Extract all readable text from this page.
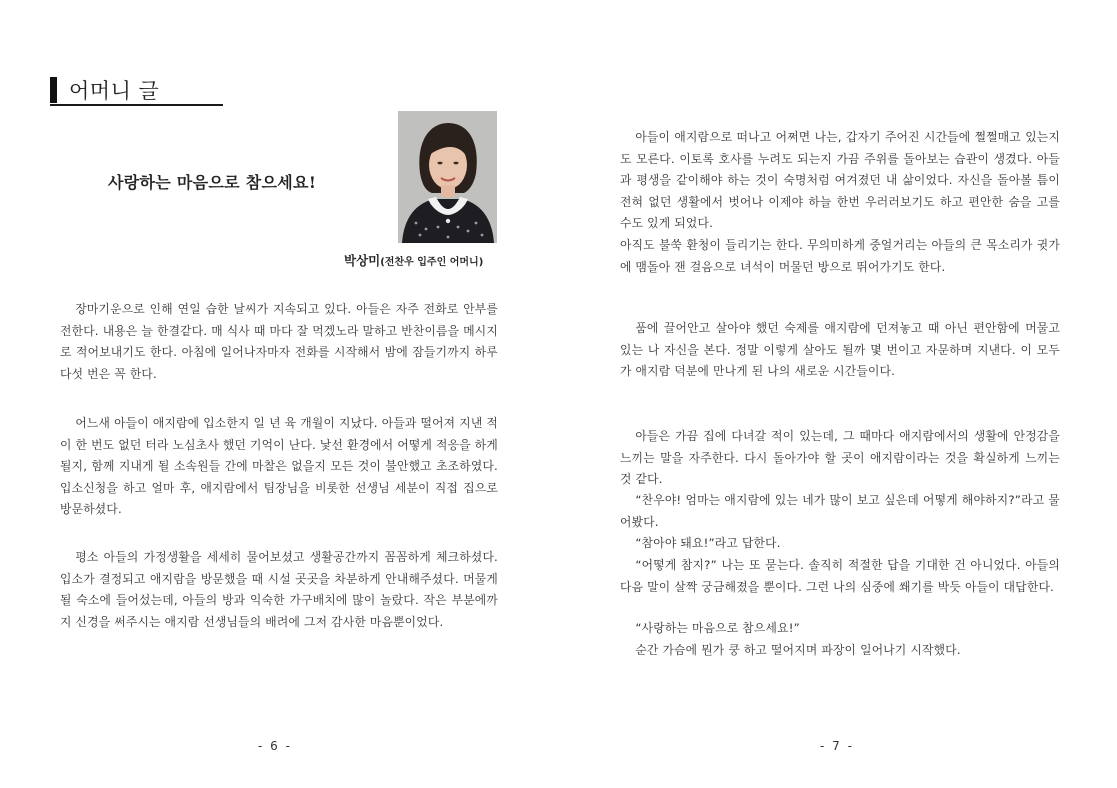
어머니 글
사랑하는 마음으로 참으세요!
박상미(전찬우 입주인 어머니)

장마기운으로 인해 연일 습한 날씨가 지속되고 있다. 아들은 자주 전화로 안부를 전한다. 내용은 늘 한결같다. 매 식사 때 마다 잘 먹겠노라 말하고 반찬이름을 메시지로 적어보내기도 한다. 아침에 일어나자마자 전화를 시작해서 밤에 잠들기까지 하루 다섯 번은 꼭 한다.

어느새 아들이 애지람에 입소한지 일 년 육 개월이 지났다. 아들과 떨어져 지낸 적이 한 번도 없던 터라 노심초사 했던 기억이 난다. 낯선 환경에서 어떻게 적응을 하게 될지, 함께 지내게 될 소속원들 간에 마찰은 없을지 모든 것이 불안했고 초조하였다. 입소신청을 하고 얼마 후, 애지람에서 팀장님을 비롯한 선생님 세분이 직접 집으로 방문하셨다.

평소 아들의 가정생활을 세세히 물어보셨고 생활공간까지 꼼꼼하게 체크하셨다. 입소가 결정되고 애지람을 방문했을 때 시설 곳곳을 차분하게 안내해주셨다. 머물게 될 숙소에 들어섰는데, 아들의 방과 익숙한 가구배치에 많이 놀랐다. 작은 부분에까지 신경을 써주시는 애지람 선생님들의 배려에 그저 감사한 마음뿐이었다.

- 6 -

아들이 애지람으로 떠나고 어쩌면 나는, 갑자기 주어진 시간들에 쩔쩔매고 있는지도 모른다. 이토록 호사를 누려도 되는지 가끔 주위를 돌아보는 습관이 생겼다. 아들과 평생을 같이해야 하는 것이 숙명처럼 여겨졌던 내 삶이었다. 자신을 돌아볼 틈이 전혀 없던 생활에서 벗어나 이제야 하늘 한번 우러러보기도 하고 편안한 숨을 고를 수도 있게 되었다.

아직도 불쑥 환청이 들리기는 한다. 무의미하게 중얼거리는 아들의 큰 목소리가 귓가에 맴돌아 잰 걸음으로 녀석이 머물던 방으로 뛰어가기도 한다.

품에 끌어안고 살아야 했던 숙제를 애지람에 던져놓고 때 아닌 편안함에 머물고 있는 나 자신을 본다. 정말 이렇게 살아도 될까 몇 번이고 자문하며 지낸다. 이 모두가 애지람 덕분에 만나게 된 나의 새로운 시간들이다.

아들은 가끔 집에 다녀갈 적이 있는데, 그 때마다 애지람에서의 생활에 안정감을 느끼는 말을 자주한다. 다시 돌아가야 할 곳이 애지람이라는 것을 확실하게 느끼는 것 같다.

“찬우야! 엄마는 애지람에 있는 네가 많이 보고 싶은데 어떻게 해야하지?”라고 물어봤다.

“참아야 돼요!”라고 답한다.

“어떻게 참지?” 나는 또 묻는다. 솔직히 적절한 답을 기대한 건 아니었다. 아들의 다음 말이 살짝 궁금해졌을 뿐이다. 그런 나의 심중에 쐐기를 박듯 아들이 대답한다.

“사랑하는 마음으로 참으세요!”

순간 가슴에 뭔가 쿵 하고 떨어지며 파장이 일어나기 시작했다.

- 7 -
